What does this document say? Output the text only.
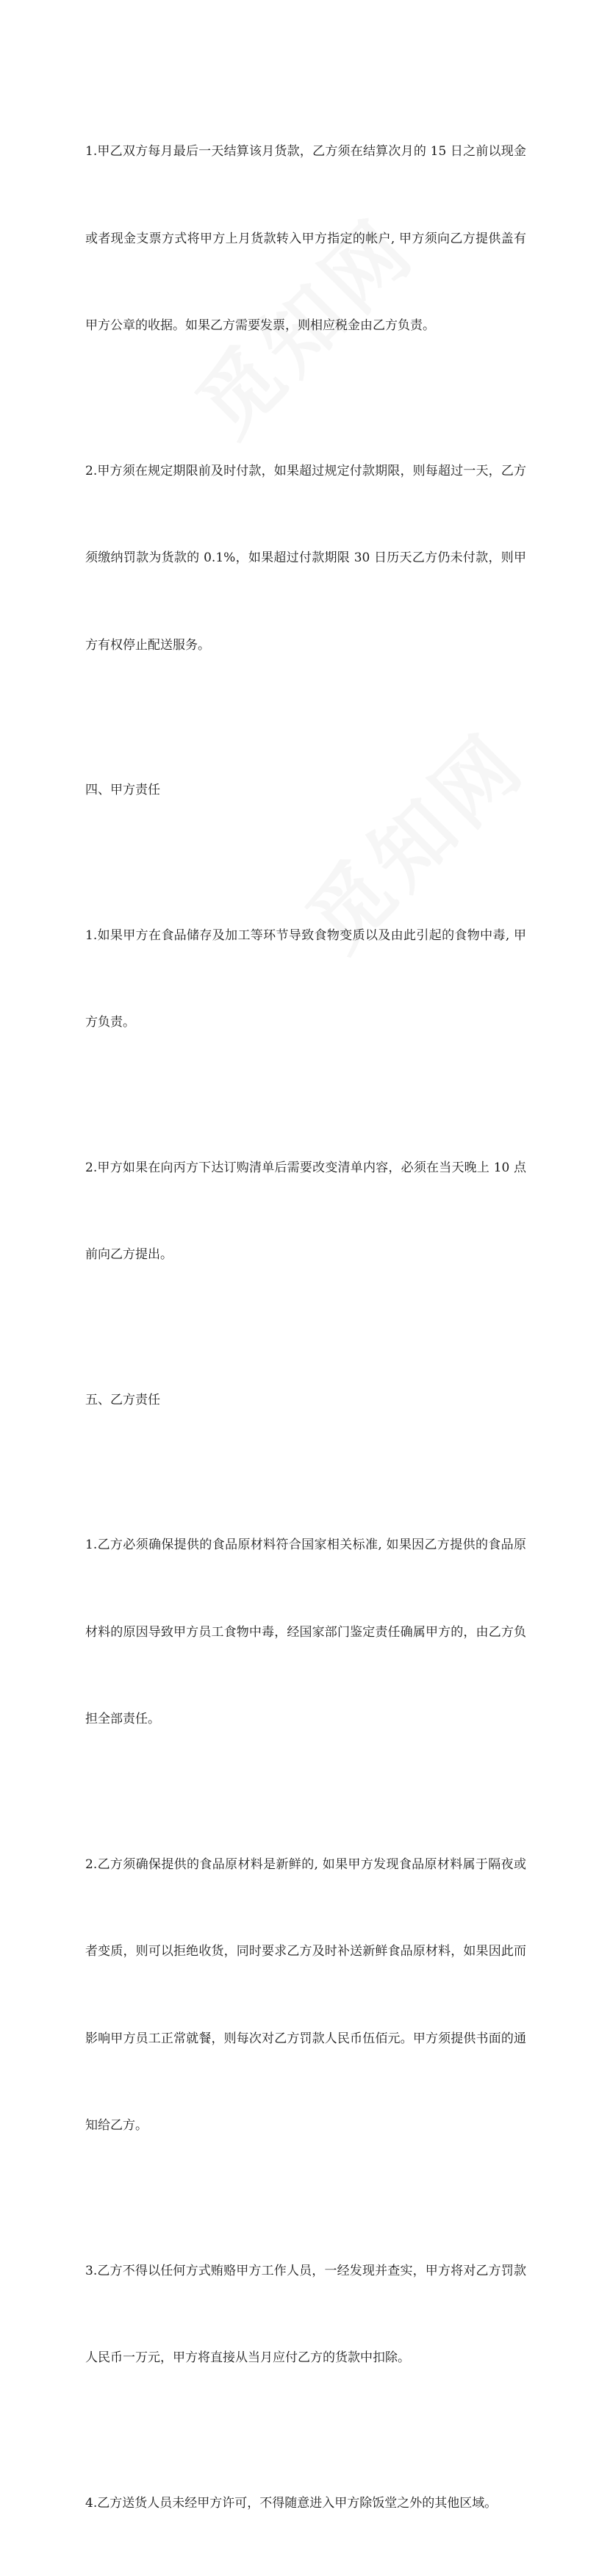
1.甲乙双方每月最后一天结算该月货款，乙方须在结算次月的 15 日之前以现金

或者现金支票方式将甲方上月货款转入甲方指定的帐户, 甲方须向乙方提供盖有

甲方公章的收据。如果乙方需要发票，则相应税金由乙方负责。

2.甲方须在规定期限前及时付款，如果超过规定付款期限，则每超过一天，乙方

须缴纳罚款为货款的 0.1%，如果超过付款期限 30 日历天乙方仍未付款，则甲

方有权停止配送服务。

四、甲方责任

1.如果甲方在食品储存及加工等环节导致食物变质以及由此引起的食物中毒, 甲

方负责。

2.甲方如果在向丙方下达订购清单后需要改变清单内容，必须在当天晚上 10 点

前向乙方提出。

五、乙方责任

1.乙方必须确保提供的食品原材料符合国家相关标准, 如果因乙方提供的食品原

材料的原因导致甲方员工食物中毒，经国家部门鉴定责任确属甲方的，由乙方负

担全部责任。

2.乙方须确保提供的食品原材料是新鲜的, 如果甲方发现食品原材料属于隔夜或

者变质，则可以拒绝收货，同时要求乙方及时补送新鲜食品原材料，如果因此而

影响甲方员工正常就餐，则每次对乙方罚款人民币伍佰元。甲方须提供书面的通

知给乙方。

3.乙方不得以任何方式贿赂甲方工作人员，一经发现并查实，甲方将对乙方罚款

人民币一万元，甲方将直接从当月应付乙方的货款中扣除。

4.乙方送货人员未经甲方许可，不得随意进入甲方除饭堂之外的其他区域。
